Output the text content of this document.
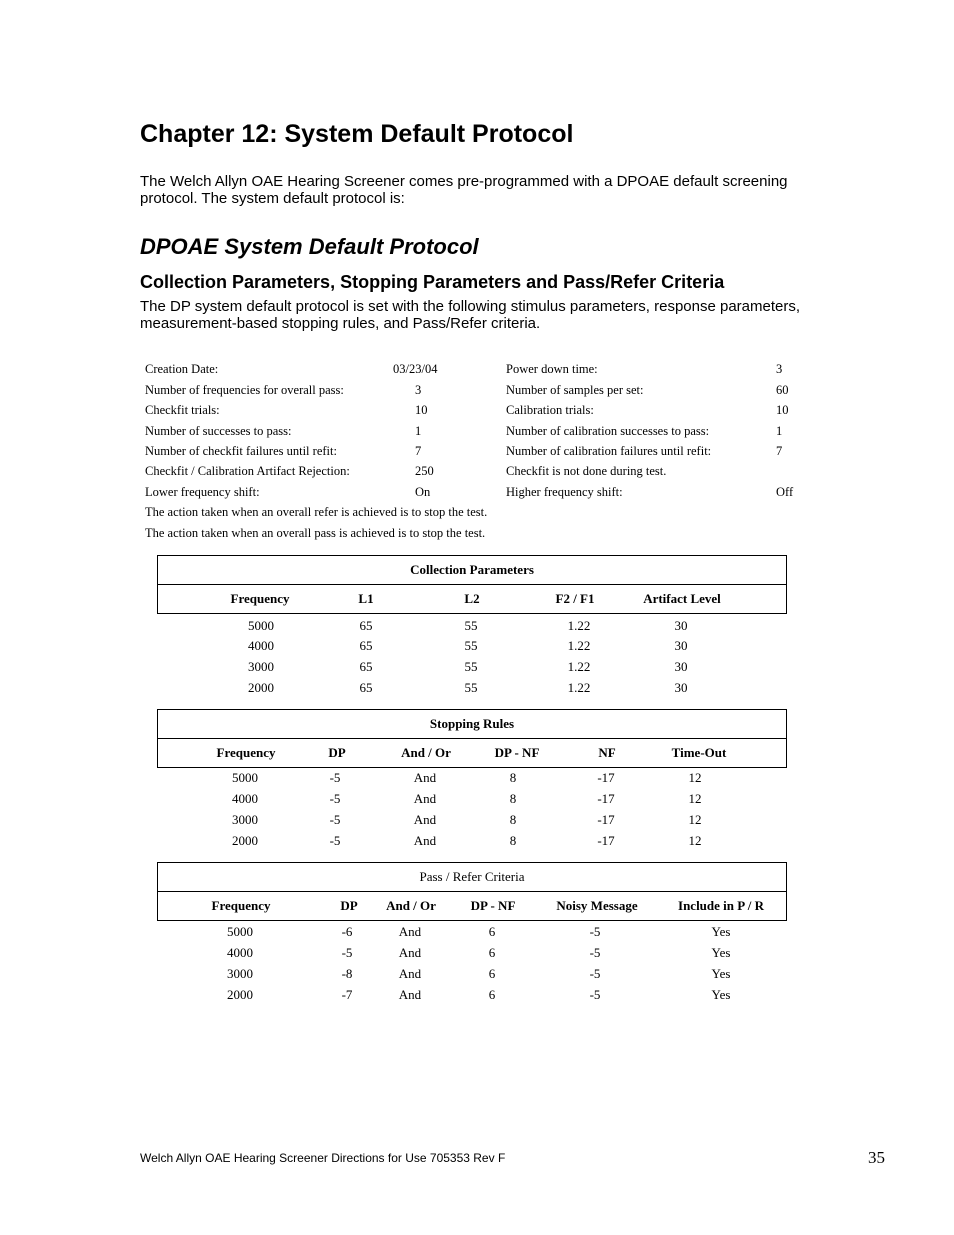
Chapter 12: System Default Protocol
The Welch Allyn OAE Hearing Screener comes pre-programmed with a DPOAE default screening protocol. The system default protocol is:
DPOAE System Default Protocol
Collection Parameters, Stopping Parameters and Pass/Refer Criteria
The DP system default protocol is set with the following stimulus parameters, response parameters, measurement-based stopping rules, and Pass/Refer criteria.
Creation Date:	03/23/04	Power down time:	3
Number of frequencies for overall pass:	3	Number of samples per set:	60
Checkfit trials:	10	Calibration trials:	10
Number of successes to pass:	1	Number of calibration successes to pass:	1
Number of checkfit failures until refit:	7	Number of calibration failures until refit:	7
Checkfit / Calibration Artifact Rejection:	250	Checkfit is not done during test.
Lower frequency shift:	On	Higher frequency shift:	Off
The action taken when an overall refer is achieved is to stop the test.
The action taken when an overall pass is achieved is to stop the test.
Collection Parameters
Frequency	L1	L2	F2 / F1	Artifact Level
5000	65	55	1.22	30
4000	65	55	1.22	30
3000	65	55	1.22	30
2000	65	55	1.22	30
Stopping Rules
Frequency	DP	And / Or	DP - NF	NF	Time-Out
5000	-5	And	8	-17	12
4000	-5	And	8	-17	12
3000	-5	And	8	-17	12
2000	-5	And	8	-17	12
Pass / Refer Criteria
Frequency	DP	And / Or	DP - NF	Noisy Message	Include in P / R
5000	-6	And	6	-5	Yes
4000	-5	And	6	-5	Yes
3000	-8	And	6	-5	Yes
2000	-7	And	6	-5	Yes
Welch Allyn OAE Hearing Screener Directions for Use 705353 Rev F	35
